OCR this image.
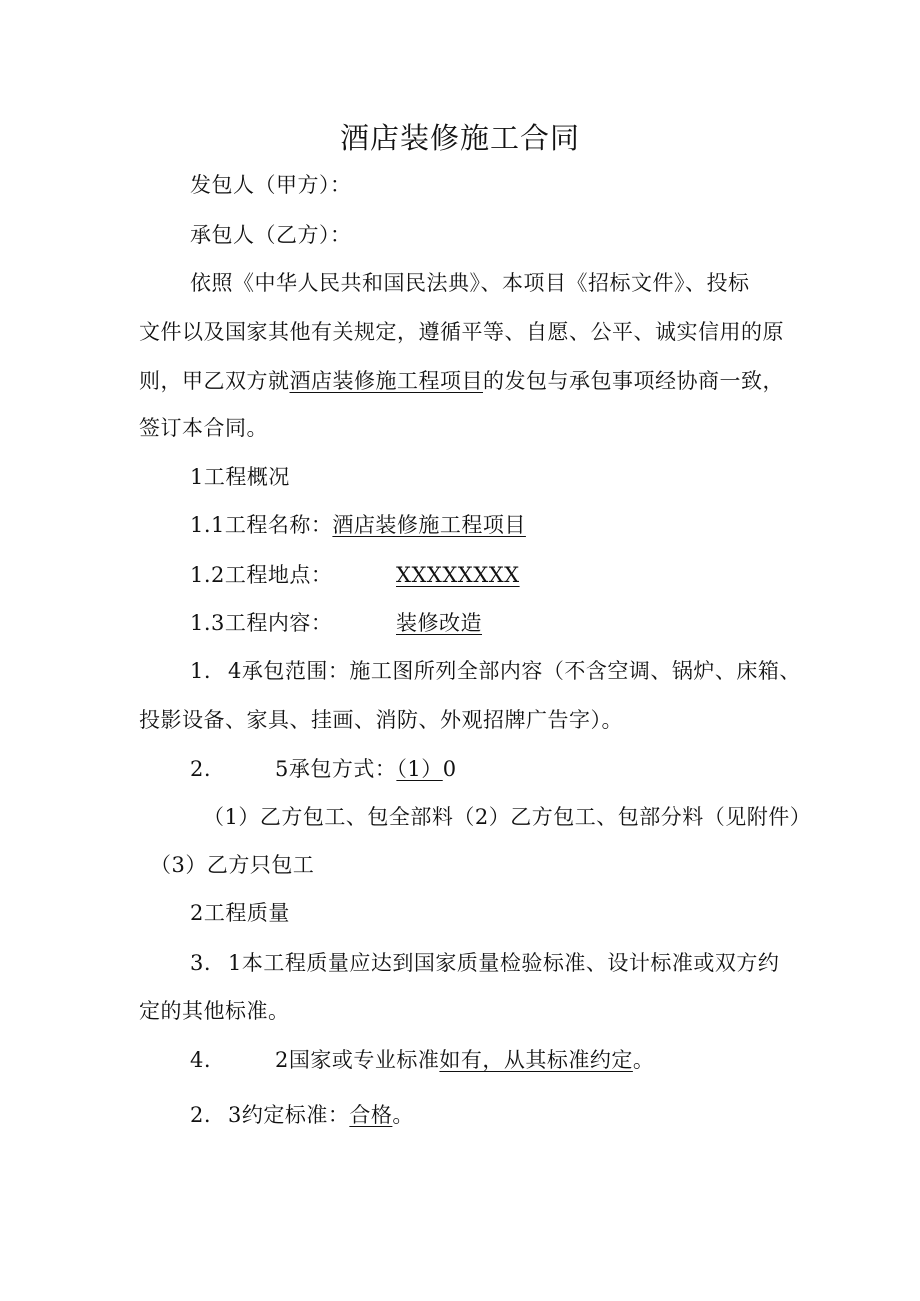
酒店装修施工合同
发包人（甲方）：
承包人（乙方）：
依照《中华人民共和国民法典》、本项目《招标文件》、投标
文件以及国家其他有关规定，遵循平等、自愿、公平、诚实信用的原
则，甲乙双方就酒店装修施工程项目的发包与承包事项经协商一致，
签订本合同。
1工程概况
1.1工程名称：酒店装修施工程项目
1.2工程地点：	XXXXXXXX
1.3工程内容：	装修改造
1. 4承包范围：施工图所列全部内容（不含空调、锅炉、床箱、
投影设备、家具、挂画、消防、外观招牌广告字）。
2.	5承包方式：（1）0
（1）乙方包工、包全部料（2）乙方包工、包部分料（见附件）
（3）乙方只包工
2工程质量
3. 1本工程质量应达到国家质量检验标准、设计标准或双方约
定的其他标准。
4.	2国家或专业标准如有，从其标准约定。
2. 3约定标准：合格。
